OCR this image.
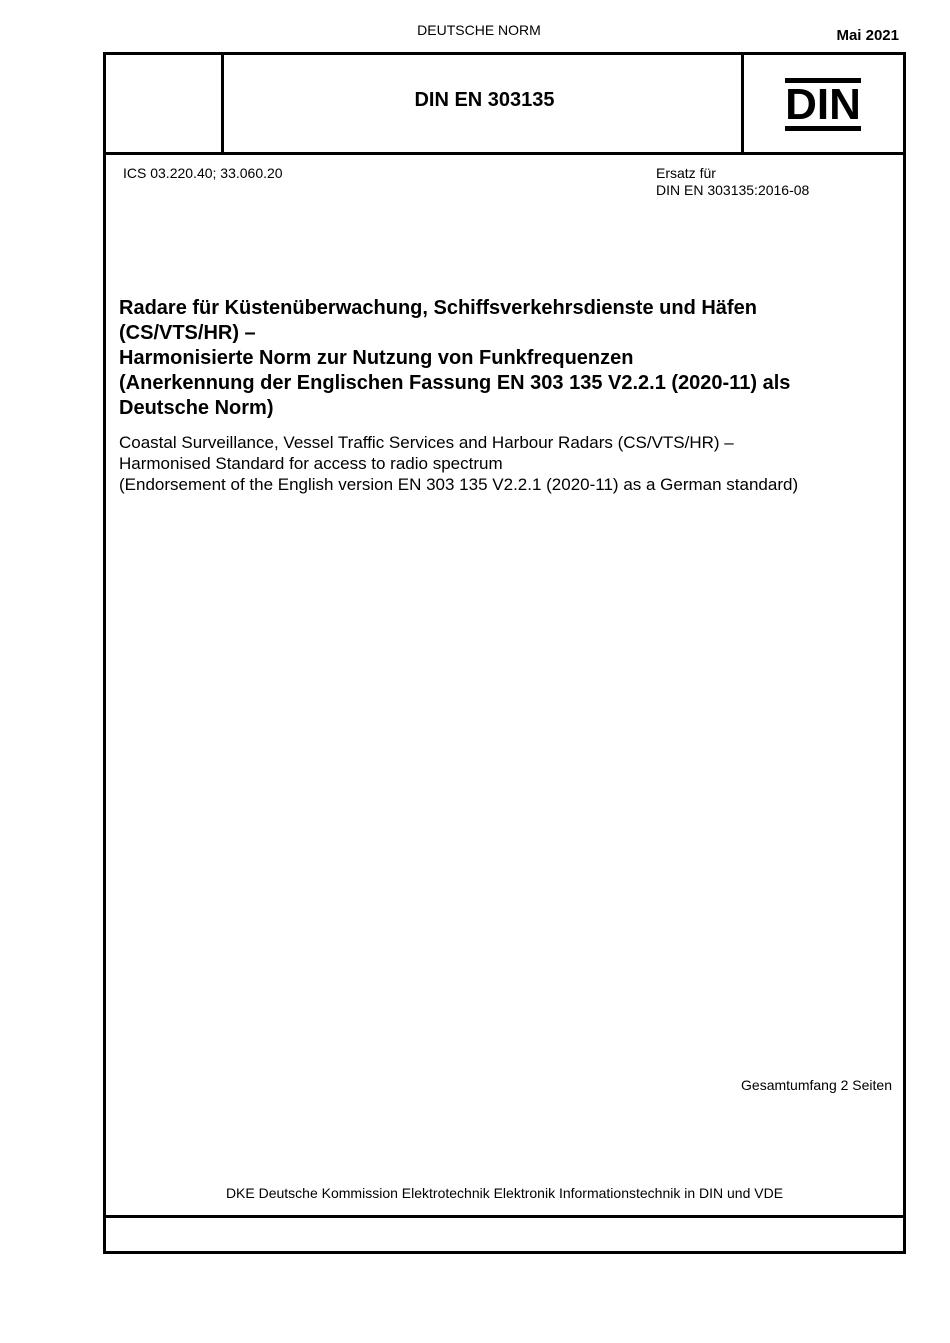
DEUTSCHE NORM	Mai 2021
DIN EN 303135	DIN
ICS 03.220.40; 33.060.20	Ersatz für
DIN EN 303135:2016-08
Radare für Küstenüberwachung, Schiffsverkehrsdienste und Häfen
(CS/VTS/HR) –
Harmonisierte Norm zur Nutzung von Funkfrequenzen
(Anerkennung der Englischen Fassung EN 303 135 V2.2.1 (2020-11) als
Deutsche Norm)
Coastal Surveillance, Vessel Traffic Services and Harbour Radars (CS/VTS/HR) –
Harmonised Standard for access to radio spectrum
(Endorsement of the English version EN 303 135 V2.2.1 (2020-11) as a German standard)
Gesamtumfang 2 Seiten
DKE Deutsche Kommission Elektrotechnik Elektronik Informationstechnik in DIN und VDE
